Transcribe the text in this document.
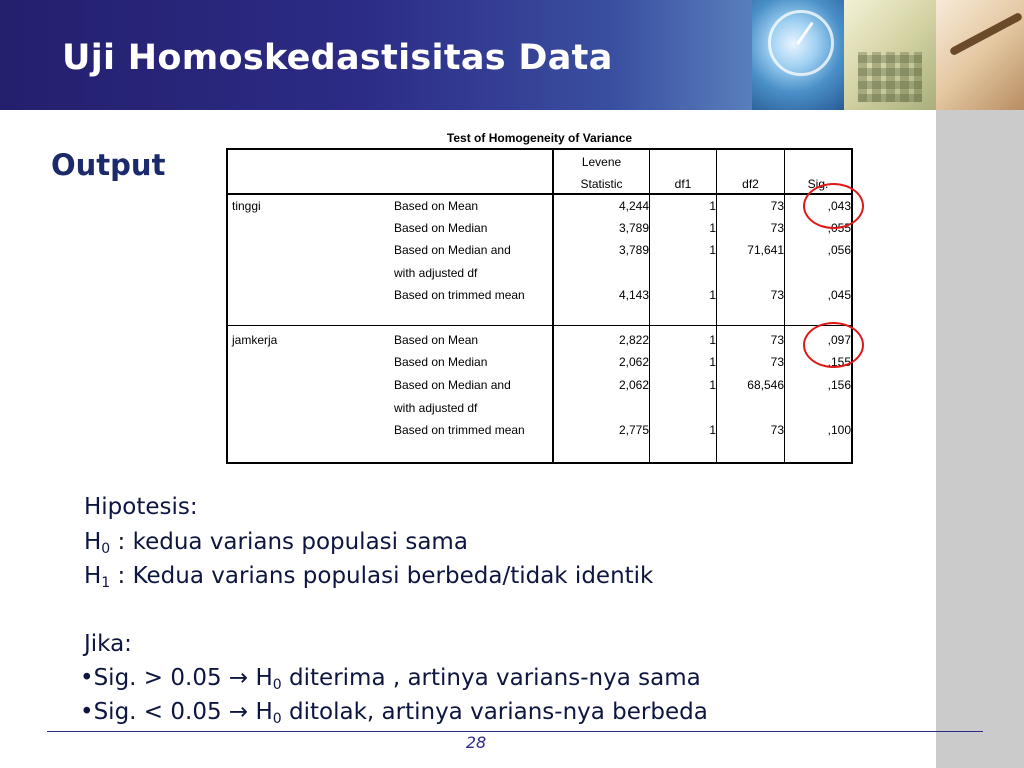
Uji Homoskedastisitas Data
Output
Test of Homogeneity of Variance
Levene
Statistic	df1	df2	Sig.
tinggi	Based on Mean	4,244	1	73	,043
Based on Median	3,789	1	73	,055
Based on Median and
with adjusted df
3,789	1	71,641	,056
Based on trimmed mean	4,143	1	73	,045
jamkerja	Based on Mean	2,822	1	73	,097
Based on Median	2,062	1	73	,155
Based on Median and
with adjusted df
2,062	1	68,546	,156
Based on trimmed mean	2,775	1	73	,100
Hipotesis:
$H_0$ : kedua varians populasi sama
$H_1$ : Kedua varians populasi berbeda/tidak identik
Jika:
•Sig. > $0.05 \to H_0$ diterima , artinya varians-nya sama
•Sig. < $0.05 \to H_0$ ditolak, artinya varians-nya berbeda
28
